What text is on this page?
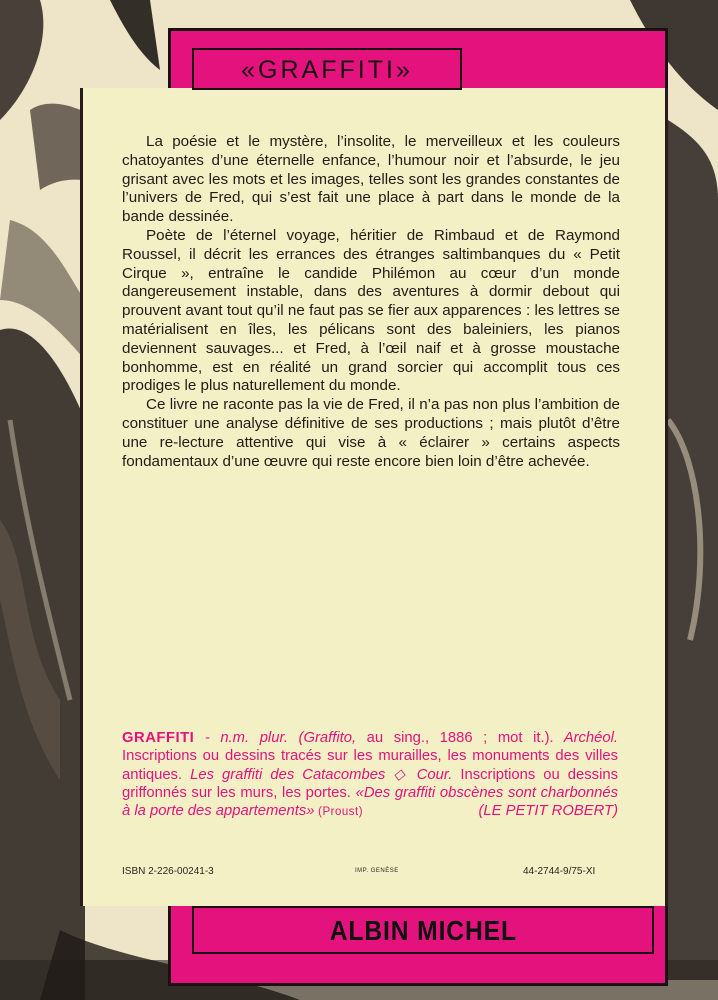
«GRAFFITI»

La poésie et le mystère, l’insolite, le merveilleux et les couleurs chatoyantes d’une éternelle enfance, l’humour noir et l’absurde, le jeu grisant avec les mots et les images, telles sont les grandes constantes de l’univers de Fred, qui s’est fait une place à part dans le monde de la bande dessinée.

Poète de l’éternel voyage, héritier de Rimbaud et de Raymond Roussel, il décrit les errances des étranges saltimbanques du « Petit Cirque », entraîne le candide Philémon au cœur d’un monde dangereusement instable, dans des aventures à dormir debout qui prouvent avant tout qu’il ne faut pas se fier aux apparences : les lettres se matérialisent en îles, les pélicans sont des baleiniers, les pianos deviennent sauvages... et Fred, à l’œil naif et à grosse moustache bonhomme, est en réalité un grand sorcier qui accomplit tous ces prodiges le plus naturellement du monde.

Ce livre ne raconte pas la vie de Fred, il n’a pas non plus l’ambition de constituer une analyse définitive de ses productions ; mais plutôt d’être une re-lecture attentive qui vise à « éclairer » certains aspects fondamentaux d’une œuvre qui reste encore bien loin d’être achevée.

GRAFFITI - n.m. plur. (Graffito, au sing., 1886 ; mot it.). Archéol. Inscriptions ou dessins tracés sur les murailles, les monuments des villes antiques. Les graffiti des Catacombes ◇ Cour. Inscriptions ou dessins griffonnés sur les murs, les portes. «Des graffiti obscènes sont charbonnés à la porte des appartements» (Proust)	(LE PETIT ROBERT)
ISBN 2-226-00241-3	IMP. GENÈSE	44-2744-9/75-XI
ALBIN MICHEL
